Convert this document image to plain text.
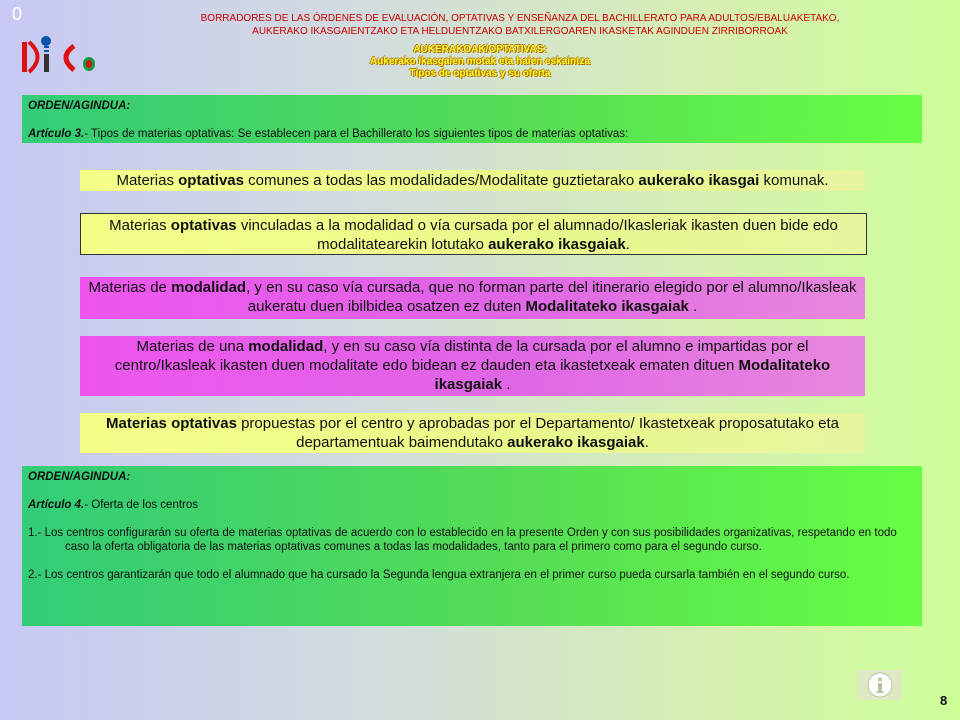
0	BORRADORES DE LAS ÓRDENES DE EVALUACIÓN, OPTATIVAS Y ENSEÑANZA DEL BACHILLERATO PARA ADULTOS/EBALUAKETAKO,
AUKERAKO IKASGAIENTZAKO ETA HELDUENTZAKO BATXILERGOAREN IKASKETAK AGINDUEN ZIRRIBORROAK
AUKERAKOAK/OPTATIVAS:
Aukerako ikasgaien motak eta haien eskaintza
Tipos de optativas y su oferta

ORDEN/AGINDUA:

Artículo 3.- Tipos de materias optativas: Se establecen para el Bachillerato los siguientes tipos de materias optativas:

Materias optativas comunes a todas las modalidades/Modalitate guztietarako aukerako ikasgai komunak.
Materias optativas vinculadas a la modalidad o vía cursada por el alumnado/Ikasleriak ikasten duen bide edo modalitatearekin lotutako aukerako ikasgaiak.
Materias de modalidad, y en su caso vía cursada, que no forman parte del itinerario elegido por el alumno/Ikasleak aukeratu duen ibilbidea osatzen ez duten Modalitateko ikasgaiak .
Materias de una modalidad, y en su caso vía distinta de la cursada por el alumno e impartidas por el centro/Ikasleak ikasten duen modalitate edo bidean ez dauden eta ikastetxeak ematen dituen Modalitateko ikasgaiak .
Materias optativas propuestas por el centro y aprobadas por el Departamento/ Ikastetxeak proposatutako eta departamentuak baimendutako aukerako ikasgaiak.

ORDEN/AGINDUA:

Artículo 4.- Oferta de los centros

1.- Los centros configurarán su oferta de materias optativas de acuerdo con lo establecido en la presente Orden y con sus posibilidades organizativas, respetando en todo caso la oferta obligatoria de las materias optativas comunes a todas las modalidades, tanto para el primero como para el segundo curso.

2.- Los centros garantizarán que todo el alumnado que ha cursado la Segunda lengua extranjera en el primer curso pueda cursarla también en el segundo curso.

8
